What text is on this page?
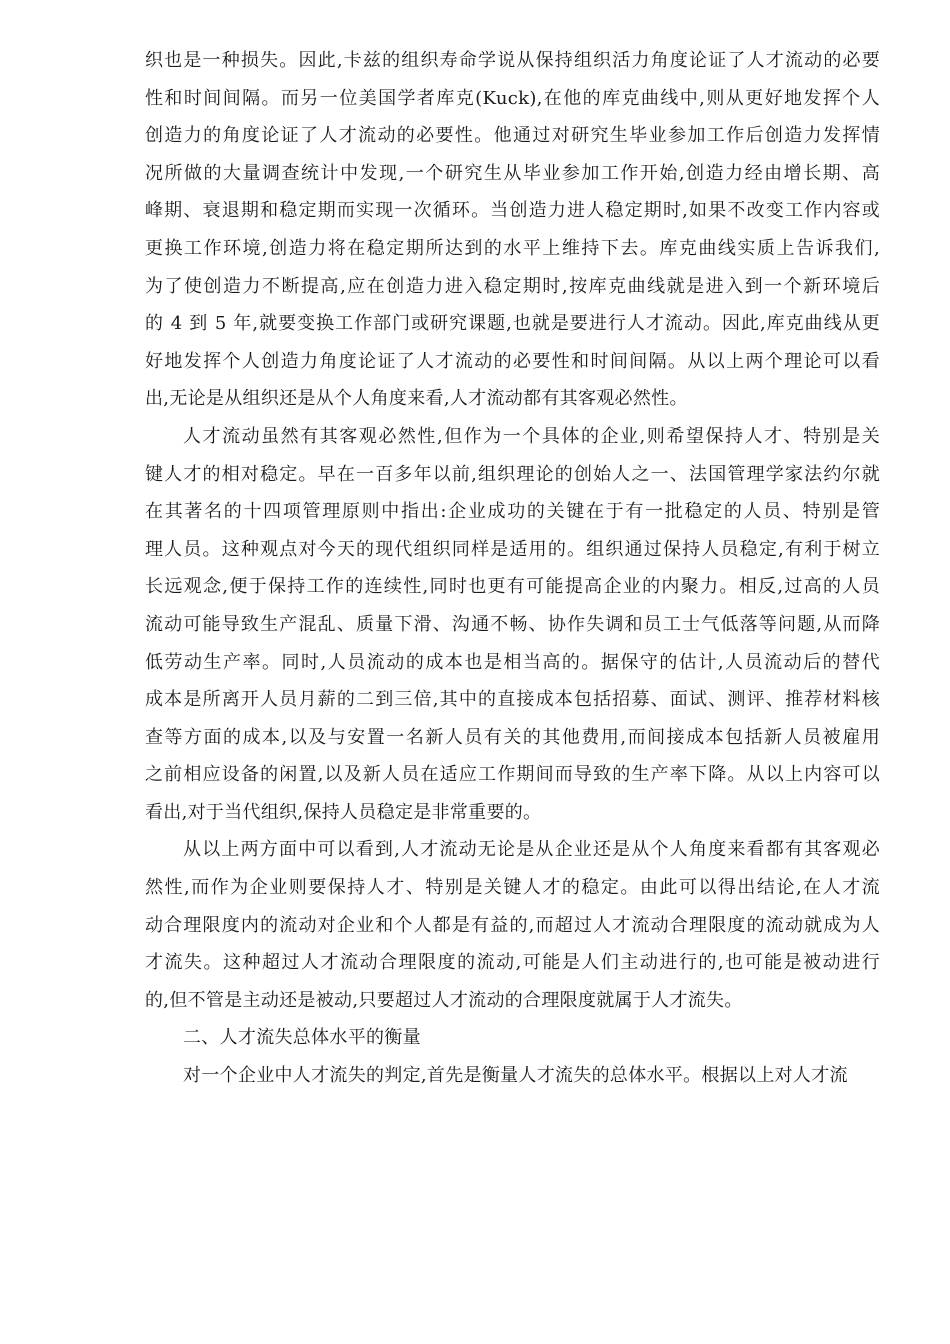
织也是一种损失。因此,卡兹的组织寿命学说从保持组织活力角度论证了人才流动的必要
性和时间间隔。而另一位美国学者库克(Kuck),在他的库克曲线中,则从更好地发挥个人
创造力的角度论证了人才流动的必要性。他通过对研究生毕业参加工作后创造力发挥情
况所做的大量调查统计中发现,一个研究生从毕业参加工作开始,创造力经由增长期、高
峰期、衰退期和稳定期而实现一次循环。当创造力进人稳定期时,如果不改变工作内容或
更换工作环境,创造力将在稳定期所达到的水平上维持下去。库克曲线实质上告诉我们,
为了使创造力不断提高,应在创造力进入稳定期时,按库克曲线就是进入到一个新环境后
的 4 到 5 年,就要变换工作部门或研究课题,也就是要进行人才流动。因此,库克曲线从更
好地发挥个人创造力角度论证了人才流动的必要性和时间间隔。从以上两个理论可以看
出,无论是从组织还是从个人角度来看,人才流动都有其客观必然性。
人才流动虽然有其客观必然性,但作为一个具体的企业,则希望保持人才、特别是关
键人才的相对稳定。早在一百多年以前,组织理论的创始人之一、法国管理学家法约尔就
在其著名的十四项管理原则中指出:企业成功的关键在于有一批稳定的人员、特别是管
理人员。这种观点对今天的现代组织同样是适用的。组织通过保持人员稳定,有利于树立
长远观念,便于保持工作的连续性,同时也更有可能提高企业的内聚力。相反,过高的人员
流动可能导致生产混乱、质量下滑、沟通不畅、协作失调和员工士气低落等问题,从而降
低劳动生产率。同时,人员流动的成本也是相当高的。据保守的估计,人员流动后的替代
成本是所离开人员月薪的二到三倍,其中的直接成本包括招募、面试、测评、推荐材料核
查等方面的成本,以及与安置一名新人员有关的其他费用,而间接成本包括新人员被雇用
之前相应设备的闲置,以及新人员在适应工作期间而导致的生产率下降。从以上内容可以
看出,对于当代组织,保持人员稳定是非常重要的。
从以上两方面中可以看到,人才流动无论是从企业还是从个人角度来看都有其客观必
然性,而作为企业则要保持人才、特别是关键人才的稳定。由此可以得出结论,在人才流
动合理限度内的流动对企业和个人都是有益的,而超过人才流动合理限度的流动就成为人
才流失。这种超过人才流动合理限度的流动,可能是人们主动进行的,也可能是被动进行
的,但不管是主动还是被动,只要超过人才流动的合理限度就属于人才流失。
二、人才流失总体水平的衡量
对一个企业中人才流失的判定,首先是衡量人才流失的总体水平。根据以上对人才流
